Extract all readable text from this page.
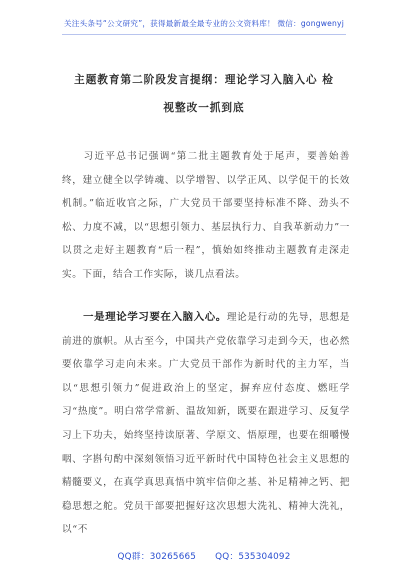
关注头条号“公文研究”，获得最新最全最专业的公文资料库！ 微信：gongwenyj
主题教育第二阶段发言提纲：理论学习入脑入心 检视整改一抓到底
习近平总书记强调“第二批主题教育处于尾声，要善始善终，建立健全以学铸魂、以学增智、以学正风、以学促干的长效机制。”临近收官之际，广大党员干部要坚持标准不降、劲头不松、力度不减，以“思想引领力、基层执行力、自我革新动力”一以贯之走好主题教育“后一程”，慎始如终推动主题教育走深走实。下面，结合工作实际，谈几点看法。
一是理论学习要在入脑入心。理论是行动的先导，思想是前进的旗帜。从古至今，中国共产党依靠学习走到今天，也必然要依靠学习走向未来。广大党员干部作为新时代的主力军，当以“思想引领力”促进政治上的坚定，摒弃应付态度、燃旺学习“热度”。明白常学常新、温故知新，既要在跟进学习、反复学习上下功夫，始终坚持读原著、学原文、悟原理，也要在细嚼慢咽、字斟句酌中深刻领悟习近平新时代中国特色社会主义思想的精髓要义，在真学真思真悟中筑牢信仰之基、补足精神之钙、把稳思想之舵。党员干部要把握好这次思想大洗礼、精神大洗礼，以“不
QQ群：30265665 QQ：535304092
